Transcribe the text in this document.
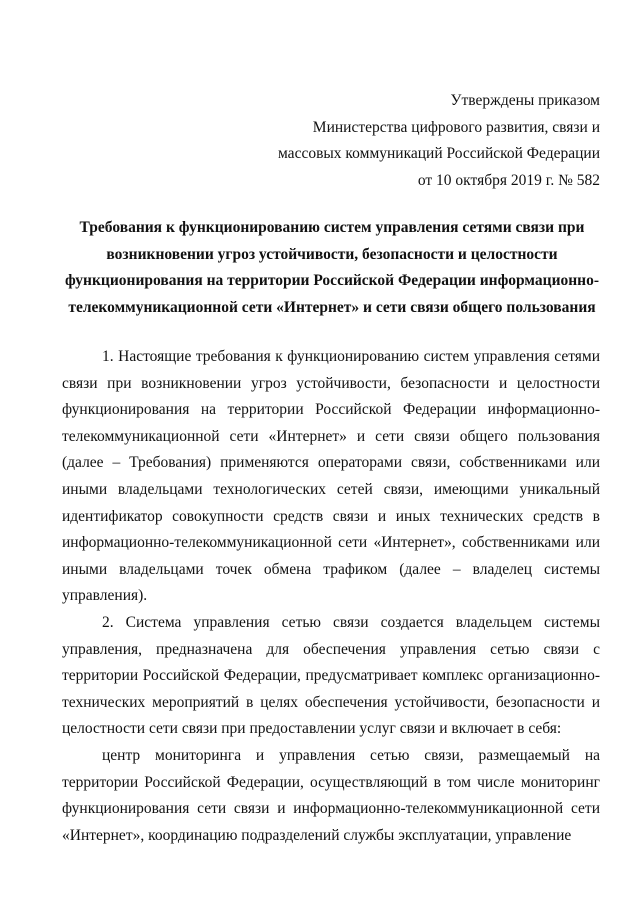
Утверждены приказом
Министерства цифрового развития, связи и
массовых коммуникаций Российской Федерации
от 10 октября 2019 г. № 582
Требования к функционированию систем управления сетями связи при
возникновении угроз устойчивости, безопасности и целостности
функционирования на территории Российской Федерации информационно-
телекоммуникационной сети «Интернет» и сети связи общего пользования

1. Настоящие требования к функционированию систем управления сетями связи при возникновении угроз устойчивости, безопасности и целостности функционирования на территории Российской Федерации информационно-телекоммуникационной сети «Интернет» и сети связи общего пользования (далее – Требования) применяются операторами связи, собственниками или иными владельцами технологических сетей связи, имеющими уникальный идентификатор совокупности средств связи и иных технических средств в информационно-телекоммуникационной сети «Интернет», собственниками или иными владельцами точек обмена трафиком (далее – владелец системы управления).

2. Система управления сетью связи создается владельцем системы управления, предназначена для обеспечения управления сетью связи с территории Российской Федерации, предусматривает комплекс организационно-технических мероприятий в целях обеспечения устойчивости, безопасности и целостности сети связи при предоставлении услуг связи и включает в себя:

центр мониторинга и управления сетью связи, размещаемый на территории Российской Федерации, осуществляющий в том числе мониторинг функционирования сети связи и информационно-телекоммуникационной сети «Интернет», координацию подразделений службы эксплуатации, управление
